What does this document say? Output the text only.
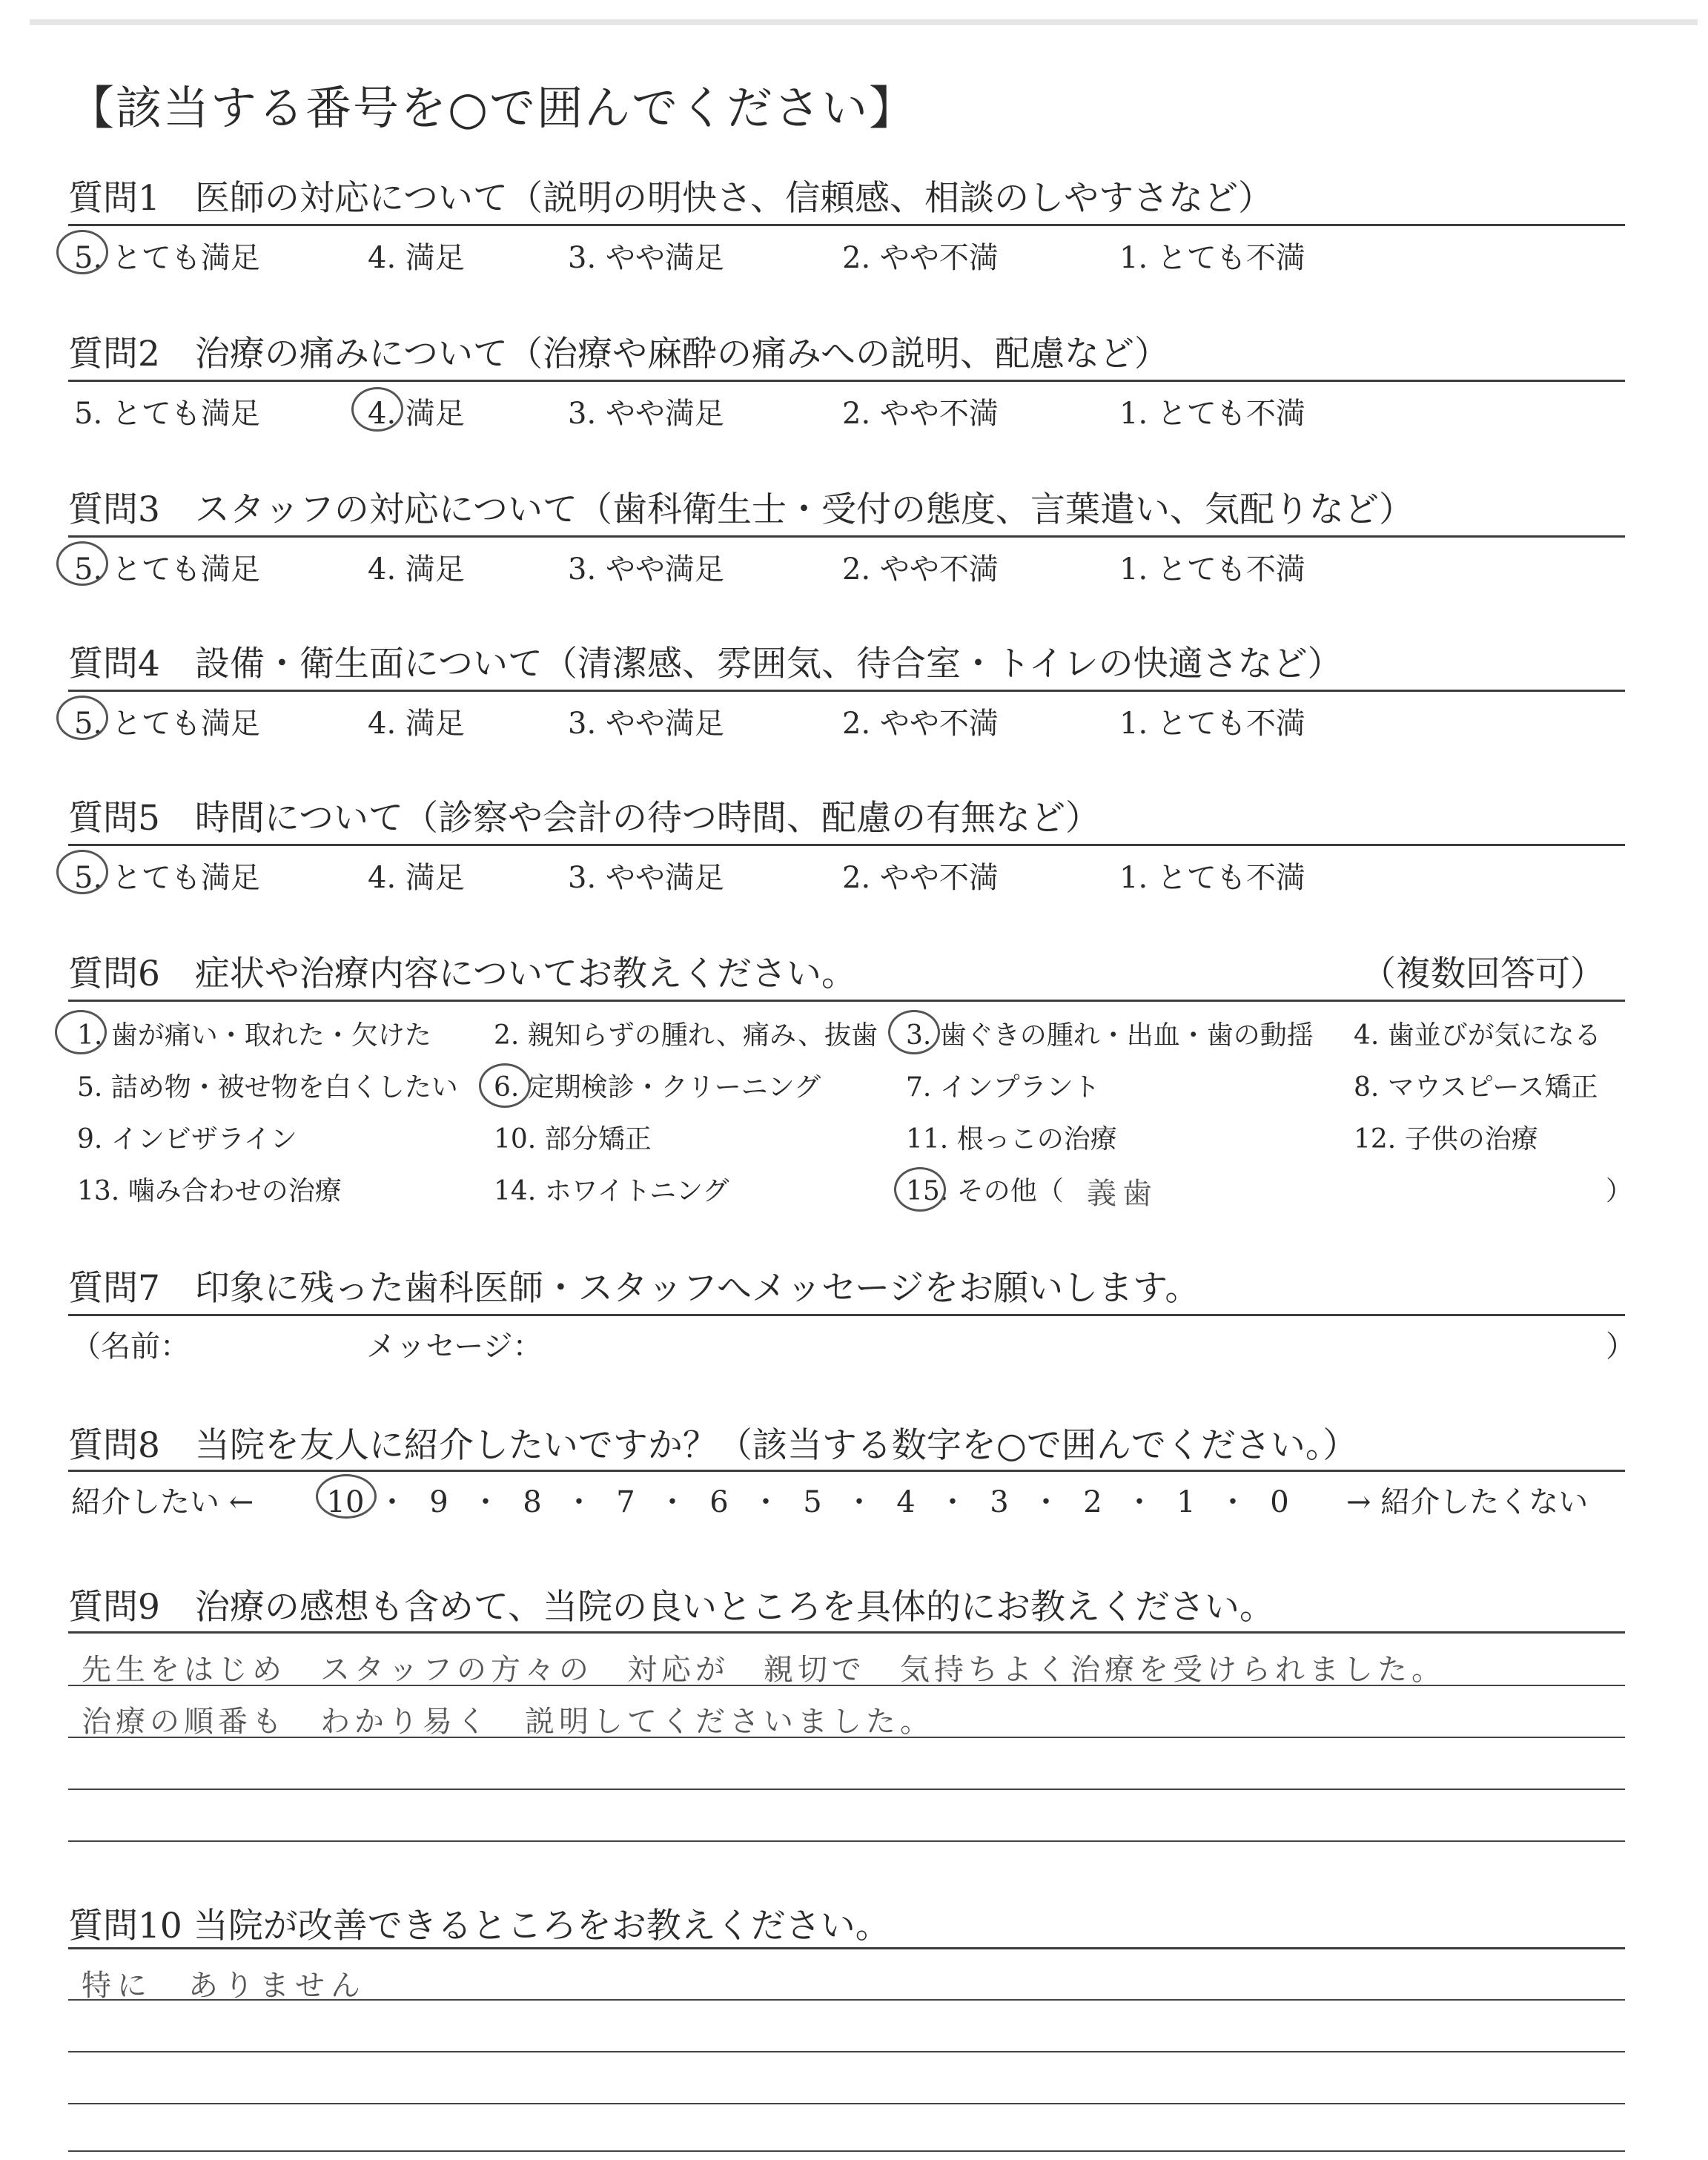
【該当する番号を○で囲んでください】
質問1　医師の対応について（説明の明快さ、信頼感、相談のしやすさなど）
5. とても満足	4. 満足	3. やや満足	2. やや不満	1. とても不満
質問2　治療の痛みについて（治療や麻酔の痛みへの説明、配慮など）
5. とても満足	4. 満足	3. やや満足	2. やや不満	1. とても不満
質問3　スタッフの対応について（歯科衛生士・受付の態度、言葉遣い、気配りなど）
5. とても満足	4. 満足	3. やや満足	2. やや不満	1. とても不満
質問4　設備・衛生面について（清潔感、雰囲気、待合室・トイレの快適さなど）
5. とても満足	4. 満足	3. やや満足	2. やや不満	1. とても不満
質問5　時間について（診察や会計の待つ時間、配慮の有無など）
5. とても満足	4. 満足	3. やや満足	2. やや不満	1. とても不満
質問6　症状や治療内容についてお教えください。	（複数回答可）
1. 歯が痛い・取れた・欠けた 2. 親知らずの腫れ、痛み、抜歯 3. 歯ぐきの腫れ・出血・歯の動揺 4. 歯並びが気になる
5. 詰め物・被せ物を白くしたい 6. 定期検診・クリーニング	7. インプラント	8. マウスピース矯正
9. インビザライン	10. 部分矯正	11. 根っこの治療	12. 子供の治療
13. 噛み合わせの治療	14. ホワイトニング	15. その他（ 義歯	）
質問7　印象に残った歯科医師・スタッフへメッセージをお願いします。
（名前：	メッセージ：	）
質問8　当院を友人に紹介したいですか？（該当する数字を○で囲んでください。）
紹介したい ← 10 ・ 9 ・ 8 ・ 7 ・ 6 ・ 5 ・ 4 ・ 3 ・ 2 ・ 1 ・ 0	→ 紹介したくない
質問9　治療の感想も含めて、当院の良いところを具体的にお教えください。
先生をはじめ　スタッフの方々の　対応が　親切で　気持ちよく治療を受けられました。
治療の順番も　わかり易く　説明してくださいました。
質問10 当院が改善できるところをお教えください。
特に　ありません
